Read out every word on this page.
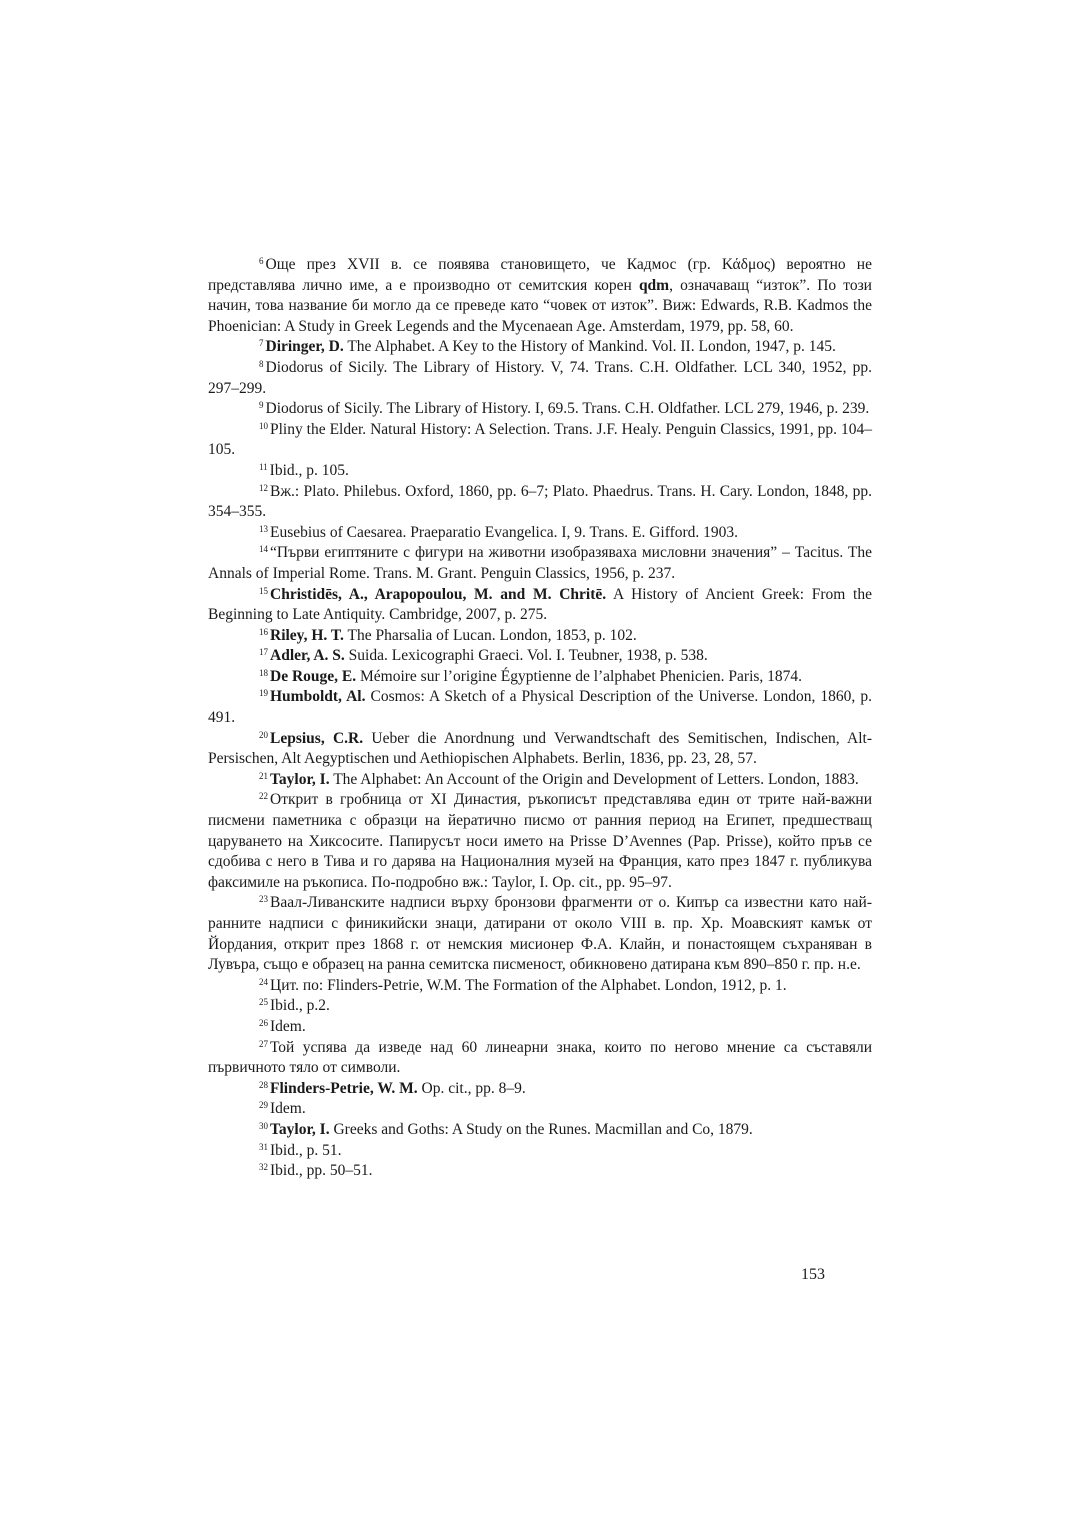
$^6$ Още през XVII в. се появява становището, че Кадмос (гр. Κάδμος) вероятно не представлява лично име, а е производно от семитския корен qdm, означаващ “изток”. По този начин, това название би могло да се преведе като “човек от изток”. Виж: Edwards, R.B. Kadmos the Phoenician: A Study in Greek Legends and the Mycenaean Age. Amsterdam, 1979, pp. 58, 60.

$^7$ Diringer, D. The Alphabet. A Key to the History of Mankind. Vol. II. London, 1947, p. 145.

$^8$ Diodorus of Sicily. The Library of History. V, 74. Trans. C.H. Oldfather. LCL 340, 1952, pp. 297–299.

$^9$ Diodorus of Sicily. The Library of History. I, 69.5. Trans. C.H. Oldfather. LCL 279, 1946, p. 239.

$^{10}$ Pliny the Elder. Natural History: A Selection. Trans. J.F. Healy. Penguin Classics, 1991, pp. 104–105.

$^{11}$ Ibid., p. 105.

$^{12}$ Вж.: Plato. Philebus. Oxford, 1860, pp. 6–7; Plato. Phaedrus. Trans. H. Cary. London, 1848, pp. 354–355.

$^{13}$ Eusebius of Caesarea. Praeparatio Evangelica. I, 9. Trans. E. Gifford. 1903.

$^{14}$ “Първи египтяните с фигури на животни изобразяваха мисловни значения” – Tacitus. The Annals of Imperial Rome. Trans. M. Grant. Penguin Classics, 1956, p. 237.

$^{15}$ Christidēs, A., Arapopoulou, M. and M. Chritē. A History of Ancient Greek: From the Beginning to Late Antiquity. Cambridge, 2007, p. 275.

$^{16}$ Riley, H. T. The Pharsalia of Lucan. London, 1853, p. 102.

$^{17}$ Adler, A. S. Suida. Lexicographi Graeci. Vol. I. Teubner, 1938, p. 538.

$^{18}$ De Rouge, E. Mémoire sur l’origine Égyptienne de l’alphabet Phenicien. Paris, 1874.

$^{19}$ Humboldt, Al. Cosmos: A Sketch of a Physical Description of the Universe. London, 1860, p. 491.

$^{20}$ Lepsius, C.R. Ueber die Anordnung und Verwandtschaft des Semitischen, Indischen, Alt-Persischen, Alt Aegyptischen und Aethiopischen Alphabets. Berlin, 1836, pp. 23, 28, 57.

$^{21}$ Taylor, I. The Alphabet: An Account of the Origin and Development of Letters. London, 1883.

$^{22}$ Открит в гробница от XI Династия, ръкописът представлява един от трите най-важни писмени паметника с образци на йератично писмо от ранния период на Египет, предшестващ царуването на Хиксосите. Папирусът носи името на Prisse D’Avennes (Pap. Prisse), който пръв се сдобива с него в Тива и го дарява на Националния музей на Франция, като през 1847 г. публикува факсимиле на ръкописа. По-подробно вж.: Taylor, I. Op. cit., pp. 95–97.

$^{23}$ Ваал-Ливанските надписи върху бронзови фрагменти от о. Кипър са известни като най-ранните надписи с финикийски знаци, датирани от около VIII в. пр. Хр. Моавският камък от Йордания, открит през 1868 г. от немския мисионер Ф.А. Клайн, и понастоящем съхраняван в Лувъра, също е образец на ранна семитска писменост, обикновено датирана към 890–850 г. пр. н.е.

$^{24}$ Цит. по: Flinders-Petrie, W.M. The Formation of the Alphabet. London, 1912, p. 1.

$^{25}$ Ibid., p.2.

$^{26}$ Idem.

$^{27}$ Той успява да изведе над 60 линеарни знака, които по негово мнение са съставяли първичното тяло от символи.

$^{28}$ Flinders-Petrie, W. M. Op. cit., pp. 8–9.

$^{29}$ Idem.

$^{30}$ Taylor, I. Greeks and Goths: A Study on the Runes. Macmillan and Co, 1879.

$^{31}$ Ibid., p. 51.

$^{32}$ Ibid., pp. 50–51.

153
